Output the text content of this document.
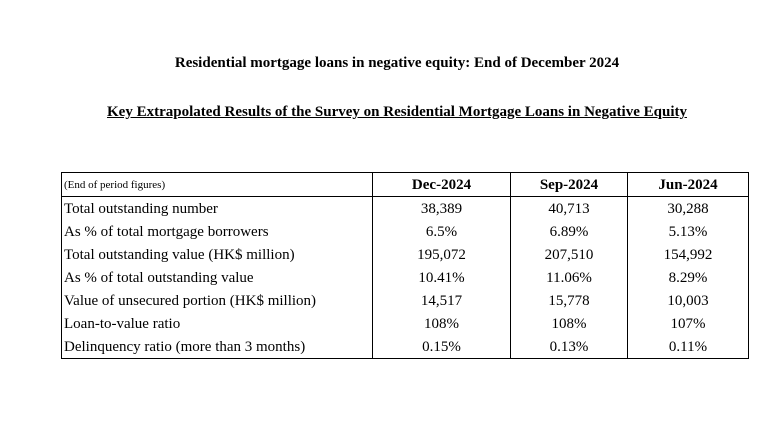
Residential mortgage loans in negative equity: End of December 2024
Key Extrapolated Results of the Survey on Residential Mortgage Loans in Negative Equity
(End of period figures)	Dec-2024	Sep-2024	Jun-2024
Total outstanding number	38,389	40,713	30,288
As % of total mortgage borrowers	6.5%	6.89%	5.13%
Total outstanding value (HK$ million)	195,072	207,510	154,992
As % of total outstanding value	10.41%	11.06%	8.29%
Value of unsecured portion (HK$ million)	14,517	15,778	10,003
Loan-to-value ratio	108%	108%	107%
Delinquency ratio (more than 3 months)	0.15%	0.13%	0.11%
